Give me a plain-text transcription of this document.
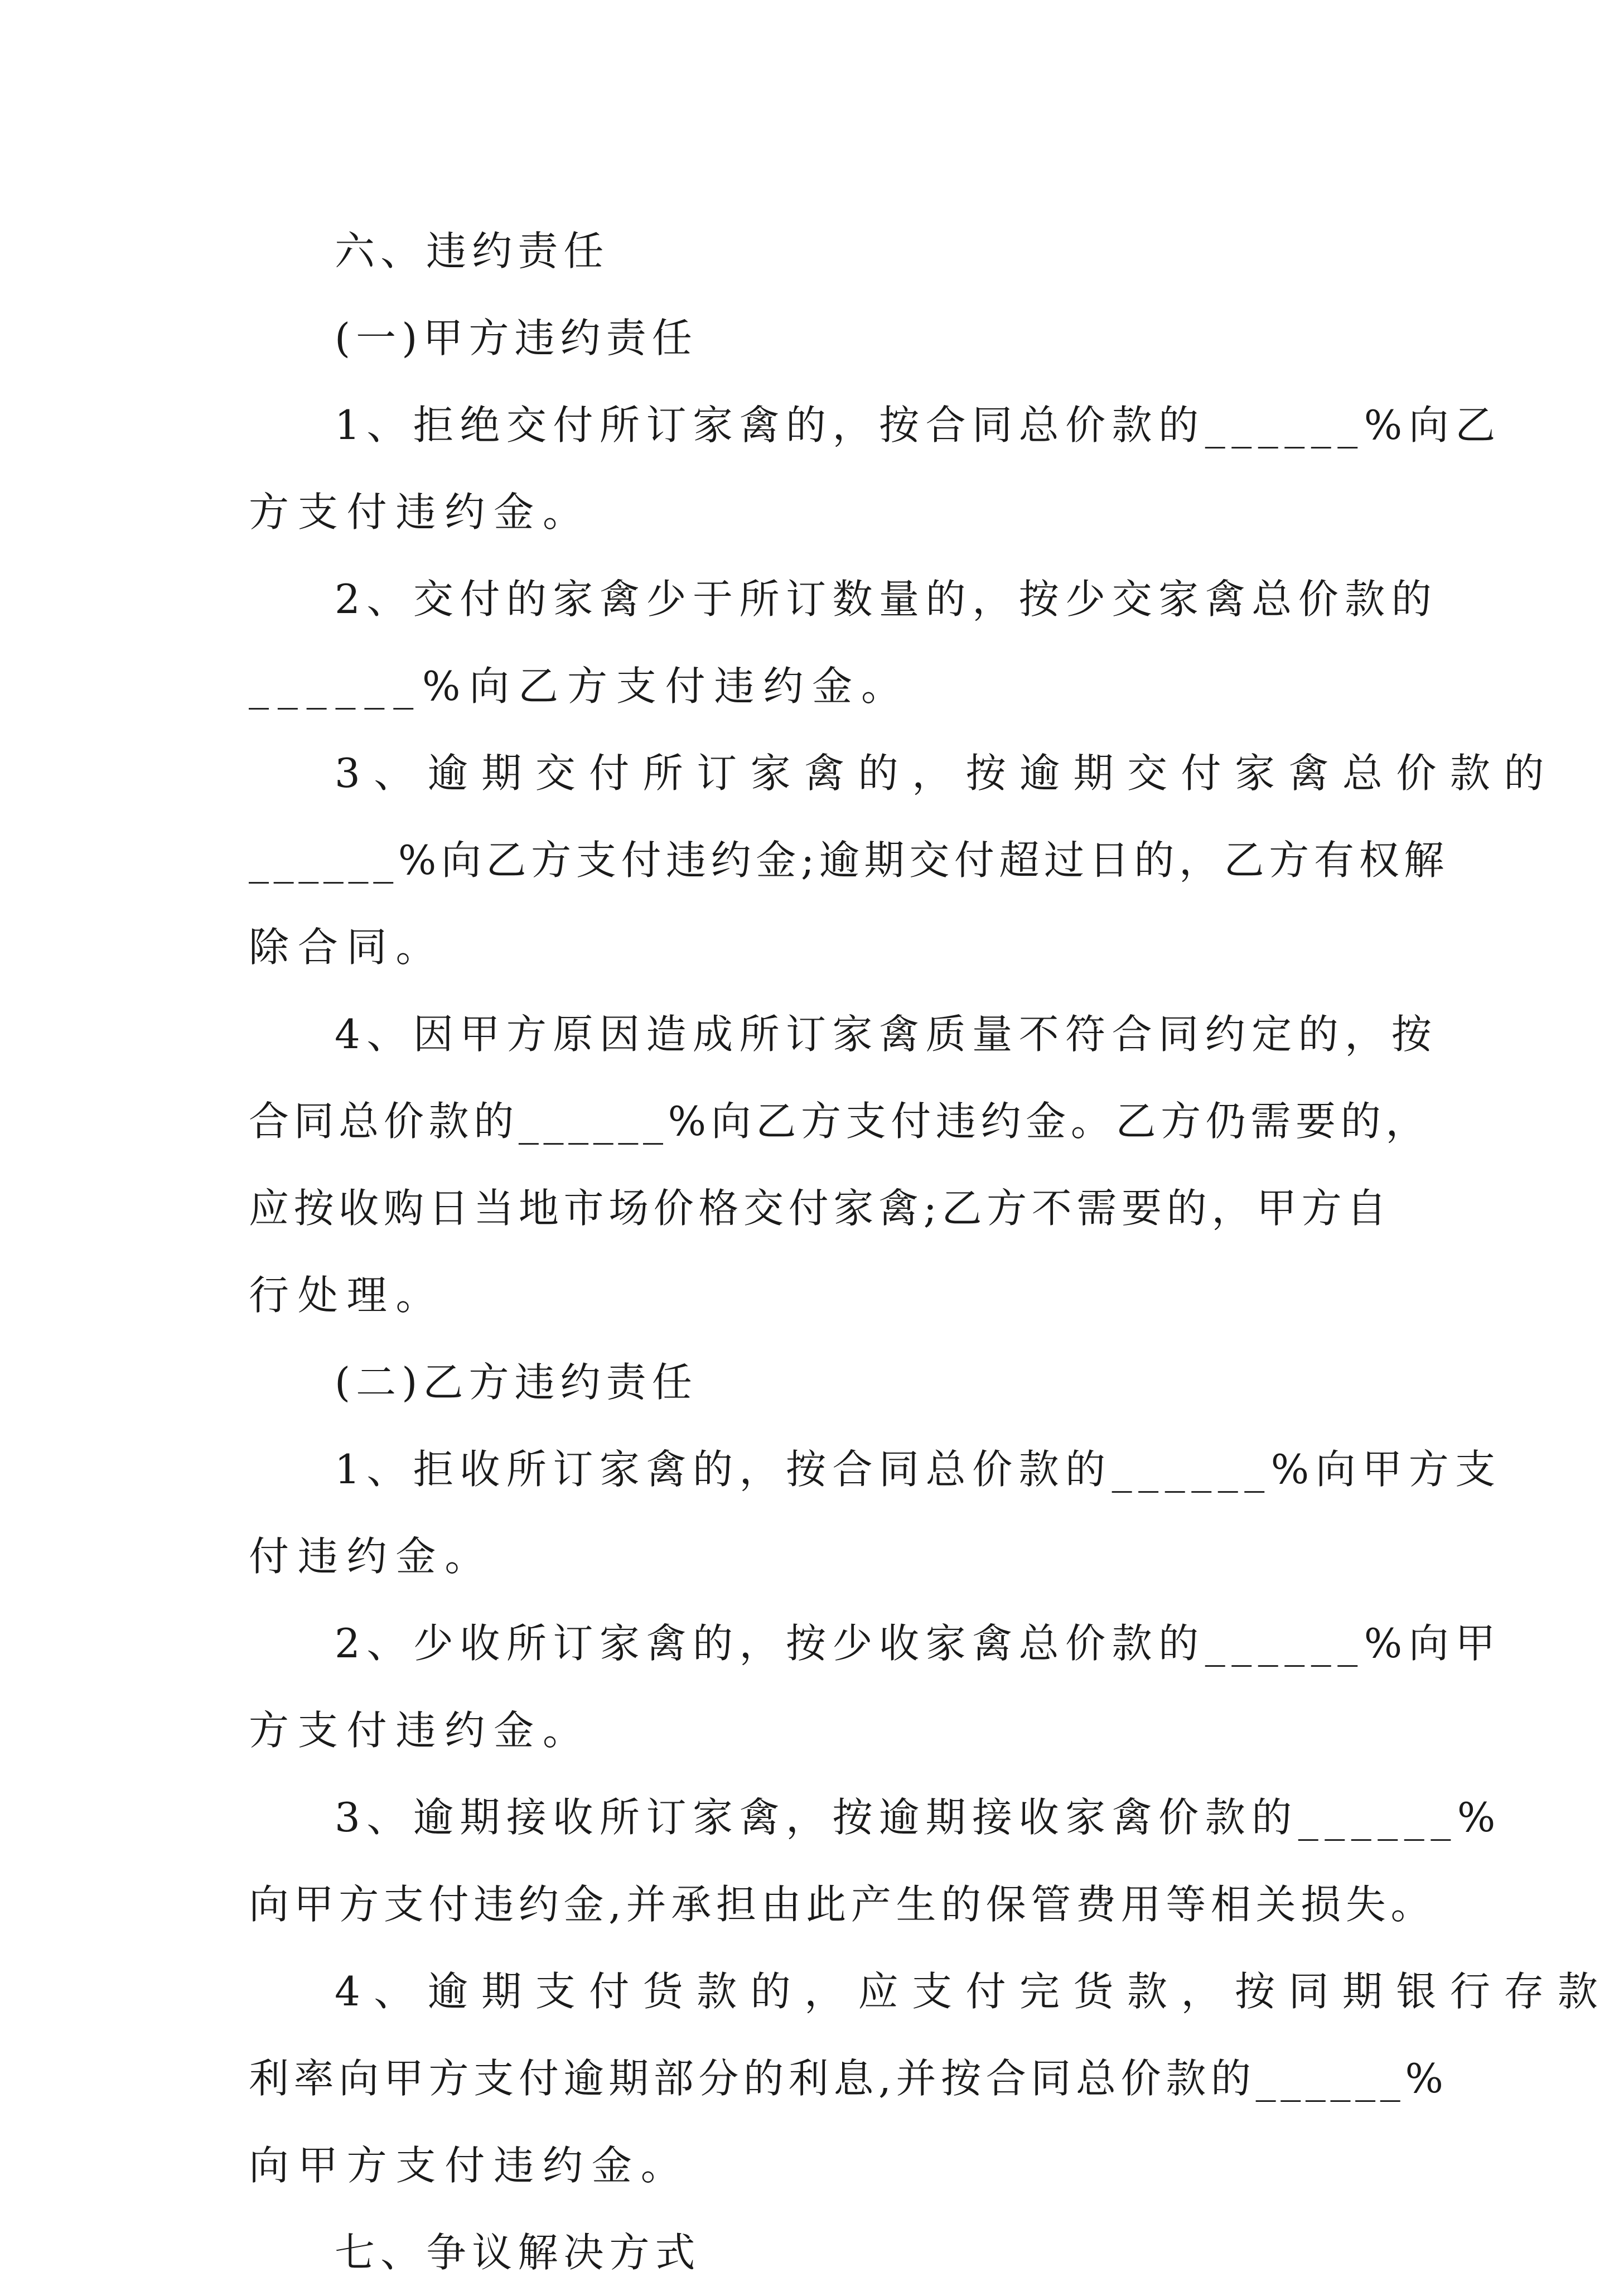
六、违约责任
(一)甲方违约责任
1、拒绝交付所订家禽的，按合同总价款的______%向乙
方支付违约金。
2、交付的家禽少于所订数量的，按少交家禽总价款的
______%向乙方支付违约金。
3、逾期交付所订家禽的，按逾期交付家禽总价款的
______%向乙方支付违约金;逾期交付超过日的，乙方有权解
除合同。
4、因甲方原因造成所订家禽质量不符合同约定的，按
合同总价款的______%向乙方支付违约金。乙方仍需要的，
应按收购日当地市场价格交付家禽;乙方不需要的，甲方自
行处理。
(二)乙方违约责任
1、拒收所订家禽的，按合同总价款的______%向甲方支
付违约金。
2、少收所订家禽的，按少收家禽总价款的______%向甲
方支付违约金。
3、逾期接收所订家禽，按逾期接收家禽价款的______%
向甲方支付违约金,并承担由此产生的保管费用等相关损失。
4、逾期支付货款的，应支付完货款，按同期银行存款
利率向甲方支付逾期部分的利息,并按合同总价款的______%
向甲方支付违约金。
七、争议解决方式
